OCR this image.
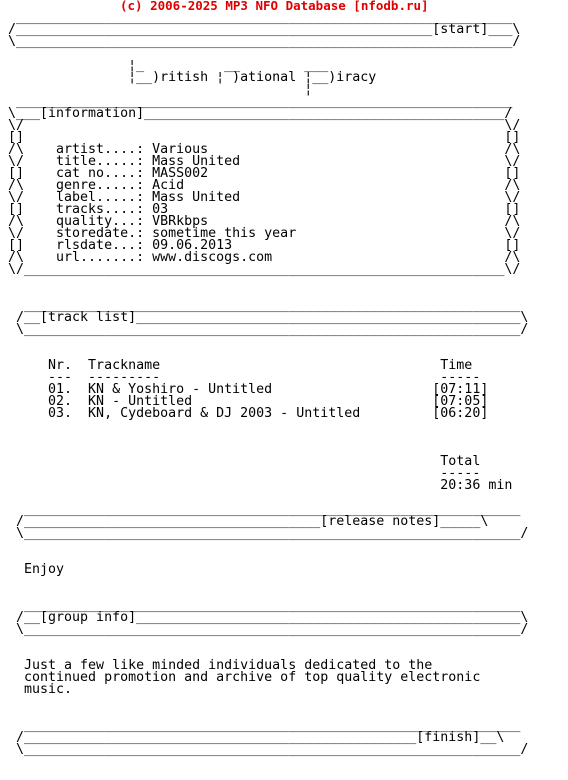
(c) 2006-2025 MP3 NFO Database [nfodb.ru]
______________________________________________________________
/____________________________________________________[start]___\
\______________________________________________________________/

¦_          __        ___
¦__)ritish ¦ )ational ¦__)iracy
¦
______________________________________________________________
\___[information]_____________________________________________/
\/                                                            \/
[]                                                            []
/\    artist....: Various                                     /\
\/    title.....: Mass United                                 \/
[]    cat no....: MASS002                                     []
/\    genre.....: Acid                                        /\
\/    label.....: Mass United                                 \/
[]    tracks....: 03                                          []
/\    quality...: VBRkbps                                     /\
\/    storedate.: sometime this year                          \/
[]    rlsdate...: 09.06.2013                                  []
/\    url.......: www.discogs.com                             /\
\/____________________________________________________________\/

______________________________________________________________
/__[track list]________________________________________________\
\______________________________________________________________/

Nr.  Trackname                                   Time
---  ---------                                   -----
01.  KN & Yoshiro - Untitled                    [07:11]
02.  KN - Untitled                              [07:05]
03.  KN, Cydeboard & DJ 2003 - Untitled         [06:20]

Total
-----
20:36 min

______________________________________________________________
/_____________________________________[release notes]_____\
\______________________________________________________________/

Enjoy

______________________________________________________________
/__[group info]________________________________________________\
\______________________________________________________________/

Just a few like minded individuals dedicated to the
continued promotion and archive of top quality electronic
music.

______________________________________________________________
/_________________________________________________[finish]__\
\______________________________________________________________/
